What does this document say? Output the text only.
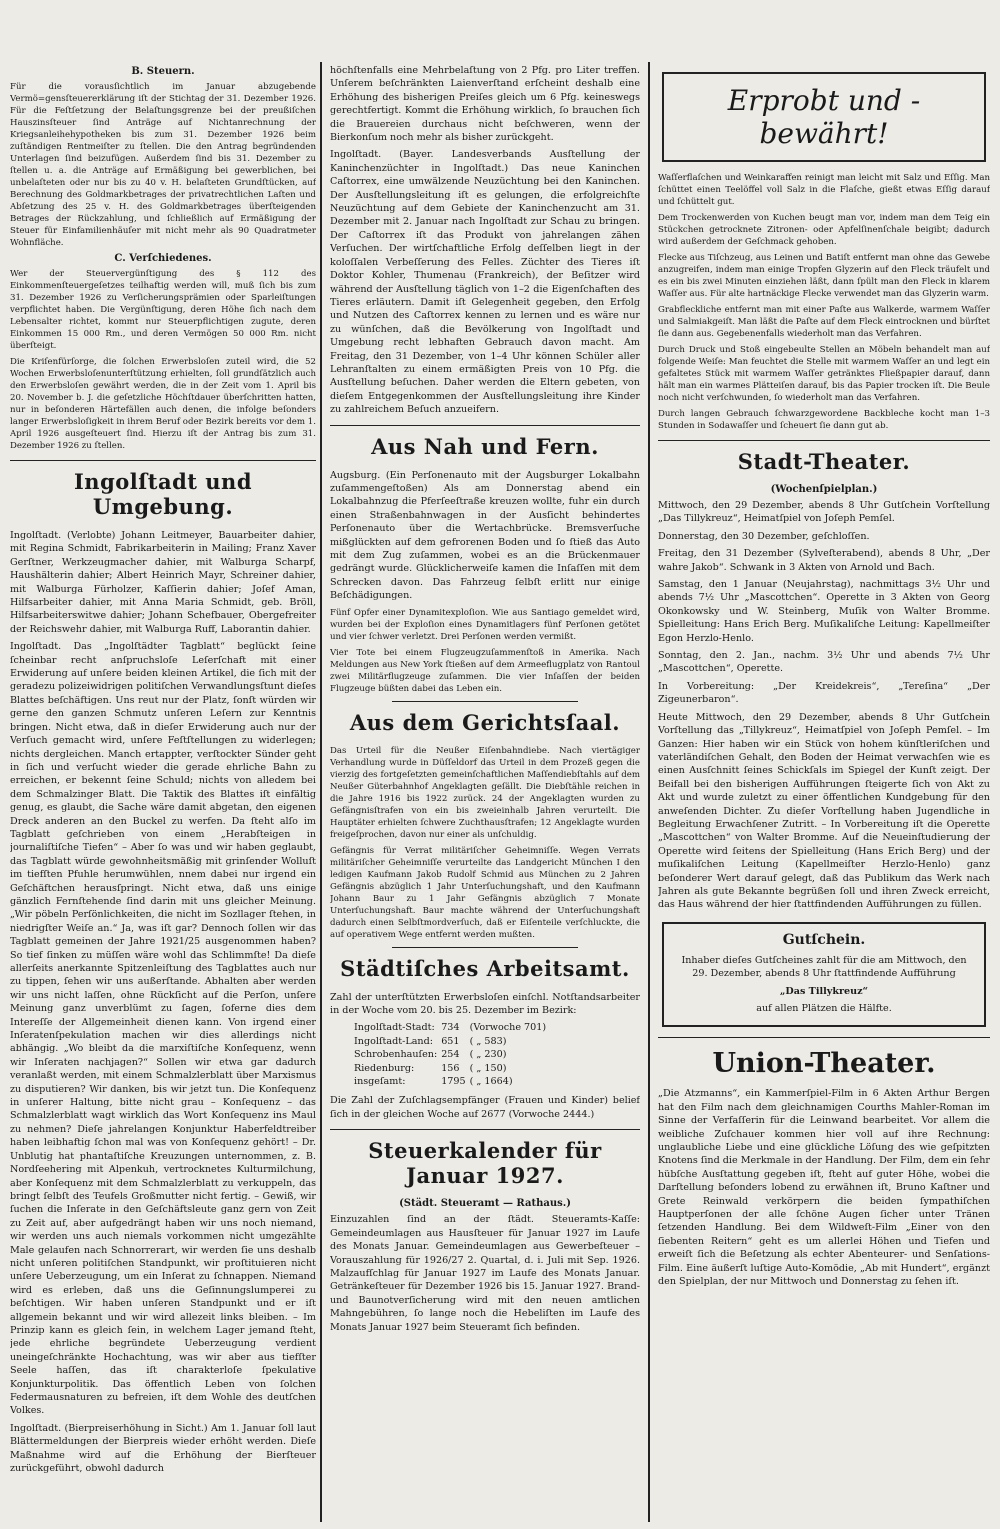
B. Steuern.

Für die vorausſichtlich im Januar abzugebende Vermö=gensſteuererklärung iſt der Stichtag der 31. Dezember 1926. Für die Feſtſetzung der Belaſtungsgrenze bei der preußiſchen Hauszinsſteuer ſind Anträge auf Nichtanrechnung der Kriegsanleihehypotheken bis zum 31. Dezember 1926 beim zuſtändigen Rentmeiſter zu ſtellen. Die den Antrag begründenden Unterlagen ſind beizufügen. Außerdem ſind bis 31. Dezember zu ſtellen u. a. die Anträge auf Ermäßigung bei gewerblichen, bei unbelaſteten oder nur bis zu 40 v. H. belaſteten Grundſtücken, auf Berechnung des Goldmarkbetrages der privatrechtlichen Laſten und Abſetzung des 25 v. H. des Goldmarkbetrages überſteigenden Betrages der Rückzahlung, und ſchließlich auf Ermäßigung der Steuer für Einfamilienhäuſer mit nicht mehr als 90 Quadratmeter Wohnfläche.

C. Verſchiedenes.

Wer der Steuervergünſtigung des § 112 des Einkommenſteuergeſetzes teilhaftig werden will, muß ſich bis zum 31. Dezember 1926 zu Verſicherungsprämien oder Sparleiſtungen verpflichtet haben. Die Vergünſtigung, deren Höhe ſich nach dem Lebensalter richtet, kommt nur Steuerpflichtigen zugute, deren Einkommen 15 000 Rm., und deren Vermögen 50 000 Rm. nicht überſteigt.

Die Kriſenfürſorge, die ſolchen Erwerbsloſen zuteil wird, die 52 Wochen Erwerbsloſenunterſtützung erhielten, ſoll grundſätzlich auch den Erwerbsloſen gewährt werden, die in der Zeit vom 1. April bis 20. November b. J. die geſetzliche Höchſtdauer überſchritten hatten, nur in beſonderen Härtefällen auch denen, die infolge beſonders langer Erwerbsloſigkeit in ihrem Beruf oder Bezirk bereits vor dem 1. April 1926 ausgeſteuert ſind. Hierzu iſt der Antrag bis zum 31. Dezember 1926 zu ſtellen.

Ingolſtadt und Umgebung.

Ingolſtadt. (Verlobte) Johann Leitmeyer, Bauarbeiter dahier, mit Regina Schmidt, Fabrikarbeiterin in Mailing; Franz Xaver Gerſtner, Werkzeugmacher dahier, mit Walburga Scharpf, Haushälterin dahier; Albert Heinrich Mayr, Schreiner dahier, mit Walburga Fürholzer, Kaſſierin dahier; Joſef Aman, Hilfsarbeiter dahier, mit Anna Maria Schmidt, geb. Bröll, Hilfsarbeiterswitwe dahier; Johann Schefbauer, Obergefreiter der Reichswehr dahier, mit Walburga Ruff, Laborantin dahier.

Ingolſtadt. Das „Ingolſtädter Tagblatt“ beglückt ſeine ſcheinbar recht anſpruchsloſe Leſerſchaft mit einer Erwiderung auf unſere beiden kleinen Artikel, die ſich mit der geradezu polizeiwidrigen politiſchen Verwandlungsſtunt dieſes Blattes beſchäftigen. Uns reut nur der Platz, ſonſt würden wir gerne den ganzen Schmutz unſeren Leſern zur Kenntnis bringen. Nicht etwa, daß in dieſer Erwiderung auch nur der Verſuch gemacht wird, unſere Feſtſtellungen zu widerlegen; nichts dergleichen. Manch ertappter, verſtockter Sünder geht in ſich und verſucht wieder die gerade ehrliche Bahn zu erreichen, er bekennt ſeine Schuld; nichts von alledem bei dem Schmalzinger Blatt. Die Taktik des Blattes iſt einfältig genug, es glaubt, die Sache wäre damit abgetan, den eigenen Dreck anderen an den Buckel zu werfen. Da ſteht alſo im Tagblatt geſchrieben von einem „Herabſteigen in journaliſtiſche Tiefen“ – Aber ſo was und wir haben geglaubt, das Tagblatt würde gewohnheitsmäßig mit grinſender Wolluſt im tiefſten Pfuhle herumwühlen, nnem dabei nur irgend ein Geſchäftchen herausſpringt. Nicht etwa, daß uns einige gänzlich Fernſtehende ſind darin mit uns gleicher Meinung. „Wir pöbeln Perſönlichkeiten, die nicht im Sozllager ſtehen, in niedrigſter Weiſe an.“ Ja, was iſt gar? Dennoch ſollen wir das Tagblatt gemeinen der Jahre 1921/25 ausgenommen haben? So tief ſinken zu müſſen wäre wohl das Schlimmſte! Da dieſe allerſeits anerkannte Spitzenleiſtung des Tagblattes auch nur zu tippen, ſehen wir uns außerſtande. Abhalten aber werden wir uns nicht laſſen, ohne Rückſicht auf die Perſon, unſere Meinung ganz unverblümt zu ſagen, ſoferne dies dem Intereſſe der Allgemeinheit dienen kann. Von irgend einer Inſeratenſpekulation machen wir dies allerdings nicht abhängig. „Wo bleibt da die marxiſtiſche Konſequenz, wenn wir Inſeraten nachjagen?“ Sollen wir etwa gar dadurch veranlaßt werden, mit einem Schmalzlerblatt über Marxismus zu disputieren? Wir danken, bis wir jetzt tun. Die Konſequenz in unſerer Haltung, bitte nicht grau – Konſequenz – das Schmalzlerblatt wagt wirklich das Wort Konſequenz ins Maul zu nehmen? Dieſe jahrelangen Konjunktur Haberfeldtreiber haben leibhaftig ſchon mal was von Konſequenz gehört! – Dr. Unblutig hat phantaſtiſche Kreuzungen unternommen, z. B. Nordſeehering mit Alpenkuh, vertrocknetes Kulturmilchung, aber Konſequenz mit dem Schmalzlerblatt zu verkuppeln, das bringt ſelbſt des Teufels Großmutter nicht fertig. – Gewiß, wir ſuchen die Inſerate in den Geſchäftsleute ganz gern von Zeit zu Zeit auf, aber aufgedrängt haben wir uns noch niemand, wir werden uns auch niemals vorkommen nicht umgezählte Male gelaufen nach Schnorrerart, wir werden ſie uns deshalb nicht unſeren politiſchen Standpunkt, wir proſtituieren nicht unſere Ueberzeugung, um ein Inſerat zu ſchnappen. Niemand wird es erleben, daß uns die Geſinnungslumperei zu beſchtigen. Wir haben unſeren Standpunkt und er iſt allgemein bekannt und wir wird allezeit links bleiben. – Im Prinzip kann es gleich ſein, in welchem Lager jemand ſteht, jede ehrliche begründete Ueberzeugung verdient uneingeſchränkte Hochachtung, was wir aber aus tiefſter Seele haſſen, das iſt charakterloſe ſpekulative Konjunkturpolitik. Das öffentlich Leben von ſolchen Federmausnaturen zu befreien, iſt dem Wohle des deutſchen Volkes.

Ingolſtadt. (Bierpreiserhöhung in Sicht.) Am 1. Januar ſoll laut Blättermeldungen der Bierpreis wieder erhöht werden. Dieſe Maßnahme wird auf die Erhöhung der Bierſteuer zurückgeführt, obwohl dadurch

höchſtenfalls eine Mehrbelaſtung von 2 Pfg. pro Liter treffen. Unſerem beſchränkten Laienverſtand erſcheint deshalb eine Erhöhung des bisherigen Preiſes gleich um 6 Pfg. keineswegs gerechtfertigt. Kommt die Erhöhung wirklich, ſo brauchen ſich die Brauereien durchaus nicht beſchweren, wenn der Bierkonſum noch mehr als bisher zurückgeht.

Ingolſtadt. (Bayer. Landesverbands Ausſtellung der Kaninchenzüchter in Ingolſtadt.) Das neue Kaninchen Caſtorrex, eine umwälzende Neuzüchtung bei den Kaninchen. Der Ausſtellungsleitung iſt es gelungen, die erfolgreichſte Neuzüchtung auf dem Gebiete der Kaninchenzucht am 31. Dezember mit 2. Januar nach Ingolſtadt zur Schau zu bringen. Der Caſtorrex iſt das Produkt von jahrelangen zähen Verſuchen. Der wirtſchaftliche Erfolg deſſelben liegt in der koloſſalen Verbeſſerung des Felles. Züchter des Tieres iſt Doktor Kohler, Thumenau (Frankreich), der Beſitzer wird während der Ausſtellung täglich von 1–2 die Eigenſchaften des Tieres erläutern. Damit iſt Gelegenheit gegeben, den Erfolg und Nutzen des Caſtorrex kennen zu lernen und es wäre nur zu wünſchen, daß die Bevölkerung von Ingolſtadt und Umgebung recht lebhaften Gebrauch davon macht. Am Freitag, den 31 Dezember, von 1–4 Uhr können Schüler aller Lehranſtalten zu einem ermäßigten Preis von 10 Pfg. die Ausſtellung beſuchen. Daher werden die Eltern gebeten, von dieſem Entgegenkommen der Ausſtellungsleitung ihre Kinder zu zahlreichem Beſuch anzueifern.

Aus Nah und Fern.

Augsburg. (Ein Perſonenauto mit der Augsburger Lokalbahn zuſammengeſtoßen) Als am Donnerstag abend ein Lokalbahnzug die Pferſeeſtraße kreuzen wollte, fuhr ein durch einen Straßenbahnwagen in der Ausſicht behindertes Perſonenauto über die Wertachbrücke. Bremsverſuche mißglückten auf dem gefrorenen Boden und ſo ſtieß das Auto mit dem Zug zuſammen, wobei es an die Brückenmauer gedrängt wurde. Glücklicherweiſe kamen die Inſaſſen mit dem Schrecken davon. Das Fahrzeug ſelbſt erlitt nur einige Beſchädigungen.

Fünf Opfer einer Dynamitexploſion. Wie aus Santiago gemeldet wird, wurden bei der Exploſion eines Dynamitlagers fünf Perſonen getötet und vier ſchwer verletzt. Drei Perſonen werden vermißt.

Vier Tote bei einem Flugzeugzuſammenſtoß in Amerika. Nach Meldungen aus New York ſtießen auf dem Armeeflugplatz von Rantoul zwei Militärflugzeuge zuſammen. Die vier Inſaſſen der beiden Flugzeuge büßten dabei das Leben ein.

Aus dem Gerichtsſaal.

Das Urteil für die Neußer Eiſenbahndiebe. Nach viertägiger Verhandlung wurde in Düſſeldorf das Urteil in dem Prozeß gegen die vierzig des fortgeſetzten gemeinſchaftlichen Maſſendiebſtahls auf dem Neußer Güterbahnhof Angeklagten geſällt. Die Diebſtähle reichen in die Jahre 1916 bis 1922 zurück. 24 der Angeklagten wurden zu Gefängnisſtrafen von ein bis zweieinhalb Jahren verurteilt. Die Hauptäter erhielten ſchwere Zuchthausſtrafen; 12 Angeklagte wurden freigeſprochen, davon nur einer als unſchuldig.

Gefängnis für Verrat militäriſcher Geheimniſſe. Wegen Verrats militäriſcher Geheimniſſe verurteilte das Landgericht München I den ledigen Kaufmann Jakob Rudolf Schmid aus München zu 2 Jahren Gefängnis abzüglich 1 Jahr Unterſuchungshaft, und den Kaufmann Johann Baur zu 1 Jahr Gefängnis abzüglich 7 Monate Unterſuchungshaft. Baur machte während der Unterſuchungshaft dadurch einen Selbſtmordverſuch, daß er Eiſenteile verſchluckte, die auf operativem Wege entfernt werden mußten.

Städtiſches Arbeitsamt.

Zahl der unterſtützten Erwerbsloſen einſchl. Notſtandsarbeiter in der Woche vom 20. bis 25. Dezember im Bezirk:

Ingolſtadt-Stadt:	734	(Vorwoche 701)
Ingolſtadt-Land:	651	( „ 583)
Schrobenhauſen:	254	( „ 230)
Riedenburg:	156	( „ 150)
insgeſamt:	1795	( „ 1664)

Die Zahl der Zuſchlagsempfänger (Frauen und Kinder) belief ſich in der gleichen Woche auf 2677 (Vorwoche 2444.)

Steuerkalender für Januar 1927.
(Städt. Steueramt — Rathaus.)

Einzuzahlen ſind an der ſtädt. Steueramts-Kaſſe: Gemeindeumlagen aus Hausſteuer für Januar 1927 im Laufe des Monats Januar. Gemeindeumlagen aus Gewerbeſteuer – Vorauszahlung für 1926/27 2. Quartal, d. i. Juli mit Sep. 1926. Malzaufſchlag für Januar 1927 im Laufe des Monats Januar. Getränkeſteuer für Dezember 1926 bis 15. Januar 1927. Brand- und Baunotverſicherung wird mit den neuen amtlichen Mahngebühren, ſo lange noch die Hebeliſten im Laufe des Monats Januar 1927 beim Steueramt ſich befinden.

Erprobt und - bewährt!

Waſſerflaſchen und Weinkaraffen reinigt man leicht mit Salz und Eſſig. Man ſchüttet einen Teelöffel voll Salz in die Flaſche, gießt etwas Eſſig darauf und ſchüttelt gut.

Dem Trockenwerden von Kuchen beugt man vor, indem man dem Teig ein Stückchen getrocknete Zitronen- oder Apfelſinenſchale beigibt; dadurch wird außerdem der Geſchmack gehoben.

Flecke aus Tiſchzeug, aus Leinen und Batiſt entfernt man ohne das Gewebe anzugreifen, indem man einige Tropfen Glyzerin auf den Fleck träufelt und es ein bis zwei Minuten einziehen läßt, dann ſpült man den Fleck in klarem Waſſer aus. Für alte hartnäckige Flecke verwendet man das Glyzerin warm.

Grabfleckliche entfernt man mit einer Paſte aus Walkerde, warmem Waſſer und Salmiakgeiſt. Man läßt die Paſte auf dem Fleck eintrocknen und bürſtet ſie dann aus. Gegebenenfalls wiederholt man das Verfahren.

Durch Druck und Stoß eingebeulte Stellen an Möbeln behandelt man auf folgende Weiſe: Man feuchtet die Stelle mit warmem Waſſer an und legt ein gefaltetes Stück mit warmem Waſſer getränktes Fließpapier darauf, dann hält man ein warmes Plätteiſen darauf, bis das Papier trocken iſt. Die Beule noch nicht verſchwunden, ſo wiederholt man das Verfahren.

Durch langen Gebrauch ſchwarzgewordene Backbleche kocht man 1–3 Stunden in Sodawaſſer und ſcheuert ſie dann gut ab.

Stadt-Theater.
(Wochenſpielplan.)

Mittwoch, den 29 Dezember, abends 8 Uhr Gutſchein Vorſtellung „Das Tillykreuz“, Heimatſpiel von Joſeph Pemſel.

Donnerstag, den 30 Dezember, geſchloſſen.

Freitag, den 31 Dezember (Sylveſterabend), abends 8 Uhr, „Der wahre Jakob“. Schwank in 3 Akten von Arnold und Bach.

Samstag, den 1 Januar (Neujahrstag), nachmittags 3½ Uhr und abends 7½ Uhr „Mascottchen“. Operette in 3 Akten von Georg Okonkowsky und W. Steinberg, Muſik von Walter Bromme. Spielleitung: Hans Erich Berg. Muſikaliſche Leitung: Kapellmeiſter Egon Herzlo-Henlo.

Sonntag, den 2. Jan., nachm. 3½ Uhr und abends 7½ Uhr „Mascottchen“, Operette.

In Vorbereitung: „Der Kreidekreis“, „Tereſina“ „Der Zigeunerbaron“.

Heute Mittwoch, den 29 Dezember, abends 8 Uhr Gutſchein Vorſtellung das „Tillykreuz“, Heimatſpiel von Joſeph Pemſel. – Im Ganzen: Hier haben wir ein Stück von hohem künſtleriſchen und vaterländiſchen Gehalt, den Boden der Heimat verwachſen wie es einen Ausſchnitt ſeines Schickſals im Spiegel der Kunſt zeigt. Der Beifall bei den bisherigen Aufführungen ſteigerte ſich von Akt zu Akt und wurde zuletzt zu einer öffentlichen Kundgebung für den anweſenden Dichter. Zu dieſer Vorſtellung haben Jugendliche in Begleitung Erwachſener Zutritt. – In Vorbereitung iſt die Operette „Mascottchen“ von Walter Bromme. Auf die Neueinſtudierung der Operette wird ſeitens der Spielleitung (Hans Erich Berg) und der muſikaliſchen Leitung (Kapellmeiſter Herzlo-Henlo) ganz beſonderer Wert darauf gelegt, daß das Publikum das Werk nach Jahren als gute Bekannte begrüßen ſoll und ihren Zweck erreicht, das Haus während der hier ſtattfindenden Aufführungen zu füllen.

Gutſchein.

Inhaber dieſes Gutſcheines zahlt für die am Mittwoch, den 29. Dezember, abends 8 Uhr ſtattfindende Aufführung

„Das Tillykreuz“

auf allen Plätzen die Hälfte.

Union-Theater.

„Die Atzmanns“, ein Kammerſpiel-Film in 6 Akten Arthur Bergen hat den Film nach dem gleichnamigen Courths Mahler-Roman im Sinne der Verfaſſerin für die Leinwand bearbeitet. Vor allem die weibliche Zuſchauer kommen hier voll auf ihre Rechnung: unglaubliche Liebe und eine glückliche Löſung des wie geſpitzten Knotens ſind die Merkmale in der Handlung. Der Film, dem ein ſehr hübſche Ausſtattung gegeben iſt, ſteht auf guter Höhe, wobei die Darſtellung beſonders lobend zu erwähnen iſt, Bruno Kaſtner und Grete Reinwald verkörpern die beiden ſympathiſchen Hauptperſonen der alle ſchöne Augen ſicher unter Tränen ſetzenden Handlung. Bei dem Wildweſt-Film „Einer von den ſiebenten Reitern“ geht es um allerlei Höhen und Tiefen und erweiſt ſich die Beſetzung als echter Abenteurer- und Senſations-Film. Eine äußerſt luſtige Auto-Komödie, „Ab mit Hundert“, ergänzt den Spielplan, der nur Mittwoch und Donnerstag zu ſehen iſt.
